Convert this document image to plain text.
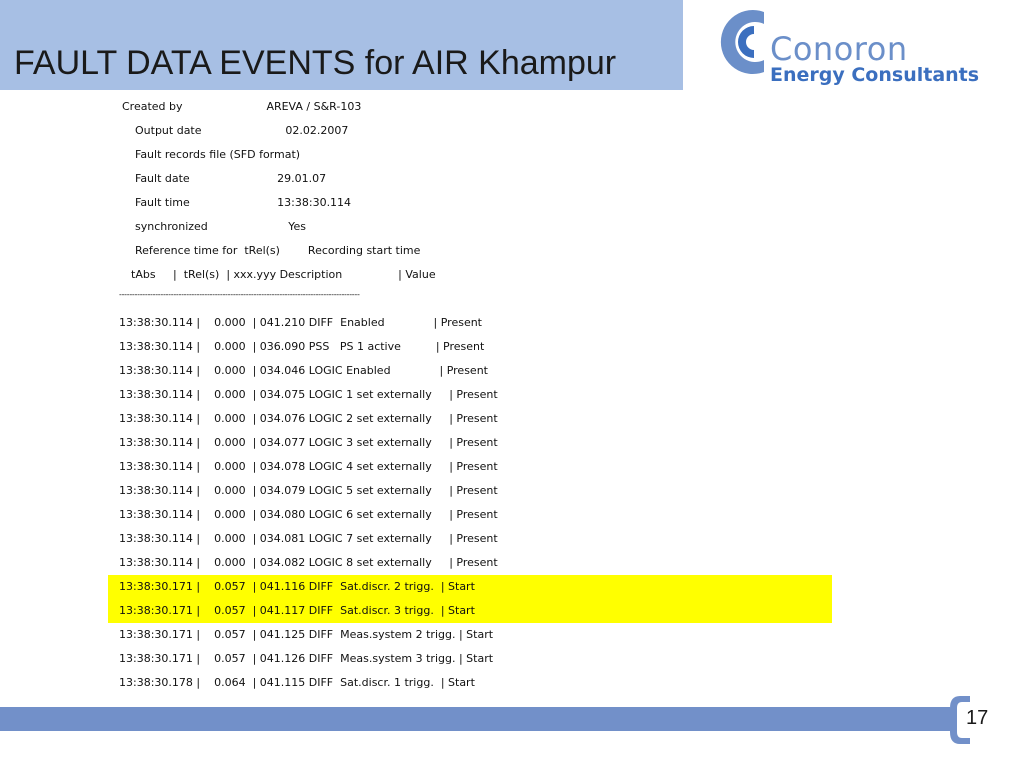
FAULT DATA EVENTS for AIR Khampur	Conoron
Energy Consultants
Created by                        AREVA / S&R-103
Output date                        02.02.2007
Fault records file (SFD format)
Fault date                         29.01.07
Fault time                         13:38:30.114
synchronized                       Yes
Reference time for  tRel(s)        Recording start time
tAbs     |  tRel(s)  | xxx.yyy Description                | Value
---------------------------------------------------------------------------------------------
13:38:30.114 |    0.000  | 041.210 DIFF  Enabled              | Present
13:38:30.114 |    0.000  | 036.090 PSS   PS 1 active          | Present
13:38:30.114 |    0.000  | 034.046 LOGIC Enabled              | Present
13:38:30.114 |    0.000  | 034.075 LOGIC 1 set externally     | Present
13:38:30.114 |    0.000  | 034.076 LOGIC 2 set externally     | Present
13:38:30.114 |    0.000  | 034.077 LOGIC 3 set externally     | Present
13:38:30.114 |    0.000  | 034.078 LOGIC 4 set externally     | Present
13:38:30.114 |    0.000  | 034.079 LOGIC 5 set externally     | Present
13:38:30.114 |    0.000  | 034.080 LOGIC 6 set externally     | Present
13:38:30.114 |    0.000  | 034.081 LOGIC 7 set externally     | Present
13:38:30.114 |    0.000  | 034.082 LOGIC 8 set externally     | Present
13:38:30.171 |    0.057  | 041.116 DIFF  Sat.discr. 2 trigg.  | Start
13:38:30.171 |    0.057  | 041.117 DIFF  Sat.discr. 3 trigg.  | Start
13:38:30.171 |    0.057  | 041.125 DIFF  Meas.system 2 trigg. | Start
13:38:30.171 |    0.057  | 041.126 DIFF  Meas.system 3 trigg. | Start
13:38:30.178 |    0.064  | 041.115 DIFF  Sat.discr. 1 trigg.  | Start
17
